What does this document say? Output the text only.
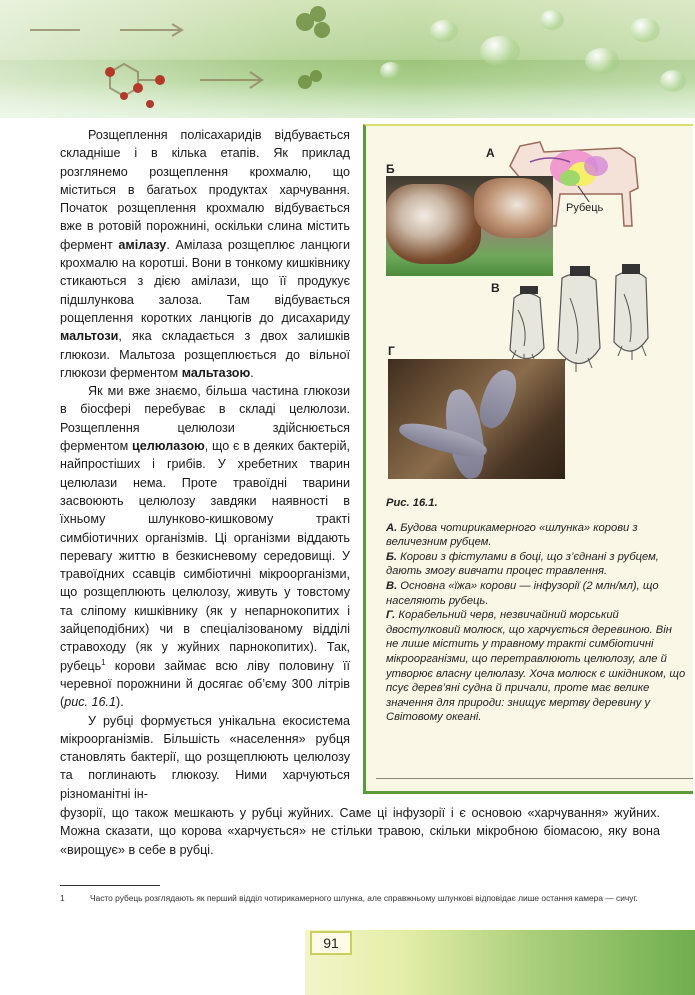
Розщеплення полісахаридів відбувається складніше і в кілька етапів. Як приклад розглянемо розщеплення крохмалю, що міститься в багатьох продуктах харчування. Початок розщеплення крохмалю відбувається вже в ротовій порожнині, оскільки слина містить фермент амілазу. Амілаза розщеплює ланцюги крохмалю на коротші. Вони в тонкому кишківнику стикаються з дією амілази, що її продукує підшлункова залоза. Там відбувається рощеплення коротких ланцюгів до дисахариду мальтози, яка складається з двох залишків глюкози. Мальтоза розщеплюється до вільної глюкози ферментом мальтазою.

Як ми вже знаємо, більша частина глюкози в біосфері перебуває в складі целюлози. Розщеплення целюлози здійснюється ферментом целюлазою, що є в деяких бактерій, найпростіших і грибів. У хребетних тварин целюлази нема. Проте травоїдні тварини засвоюють целюлозу завдяки наявності в їхньому шлунково-кишковому тракті симбіотичних організмів. Ці організми віддають перевагу життю в безкисневому середовищі. У травоїдних ссавців симбіотичні мікроорганізми, що розщеплюють целюлозу, живуть у товстому та сліпому кишківнику (як у непарнокопитих і зайцеподібних) чи в спеціалізованому відділі стравоходу (як у жуйних парнокопитих). Так, рубець$^1$ корови займає всю ліву половину її черевної порожнини й досягає об’єму 300 літрів (рис. 16.1).

У рубці формується унікальна екосистема мікроорганізмів. Більшість «населення» рубця становлять бактерії, що розщеплюють целюлозу та поглинають глюкозу. Ними харчуються різноманітні ін-

фузорії, що також мешкають у рубці жуйних. Саме ці інфузорії і є основою «харчування» жуйних. Можна сказати, що корова «харчується» не стільки травою, скільки мікробною біомасою, яку вона «вирощує» в себе в рубці.

А
Б
Рубець
В
Г
Рис. 16.1.

А. Будова чотирикамерного «шлунка» корови з величезним рубцем.

Б. Корови з фістулами в боці, що з’єднані з рубцем, дають змогу вивчати процес травлення.

В. Основна «їжа» корови — інфузорії (2 млн/мл), що населяють рубець.

Г. Корабельний черв, незвичайний морський двостулковий молюск, що харчується деревиною. Він не лише містить у травному тракті симбіотичні мікроорганізми, що перетравлюють целюлозу, але й утворює власну целюлазу. Хоча молюск є шкідником, що псує дерев’яні судна й причали, проте має велике значення для природи: знищує мертву деревину у Світовому океані.

1	Часто рубець розглядають як перший відділ чотирикамерного шлунка, але справжньому шлункові відповідає лише остання камера — сичуг.
91
